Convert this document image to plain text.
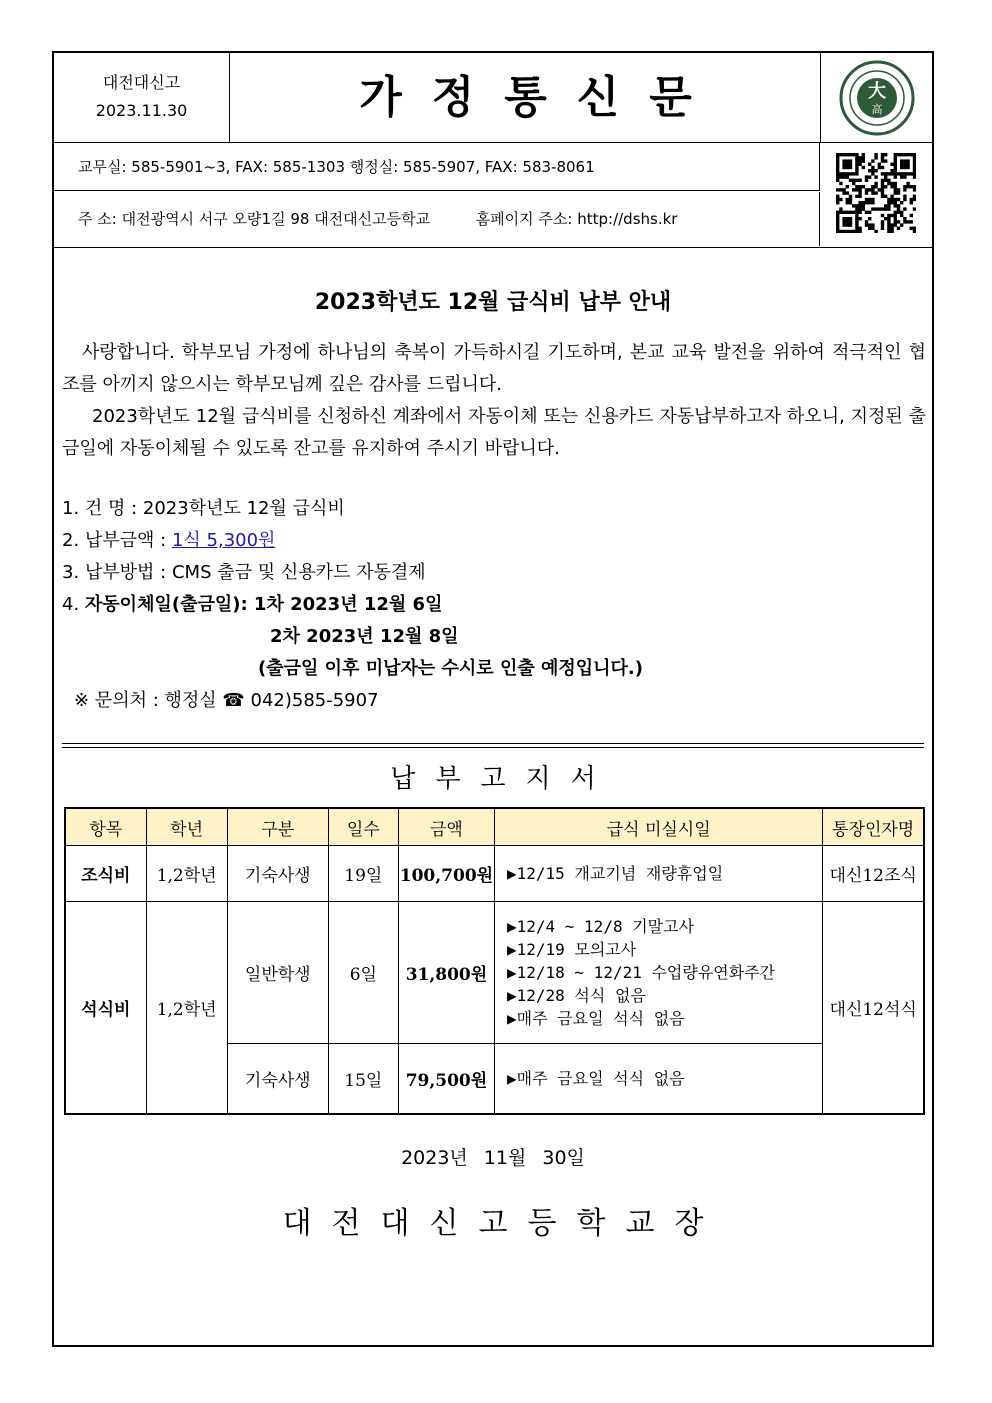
대전대신고
2023.11.30	가정통신문	大
高
교무실: 585-5901~3, FAX: 585-1303 행정실: 585-5907, FAX: 583-8061
주 소: 대전광역시 서구 오량1길 98 대전대신고등학교	홈페이지 주소: http://dshs.kr
2023학년도 12월 급식비 납부 안내
사랑합니다. 학부모님 가정에 하나님의 축복이 가득하시길 기도하며, 본교 교육 발전을 위하여 적극적인 협조를 아끼지 않으시는 학부모님께 깊은 감사를 드립니다.
2023학년도 12월 급식비를 신청하신 계좌에서 자동이체 또는 신용카드 자동납부하고자 하오니, 지정된 출금일에 자동이체될 수 있도록 잔고를 유지하여 주시기 바랍니다.
1. 건 명 : 2023학년도 12월 급식비
2. 납부금액 : 1식 5,300원
3. 납부방법 : CMS 출금 및 신용카드 자동결제
4. 자동이체일(출금일): 1차 2023년 12월 6일
2차 2023년 12월 8일
(출금일 이후 미납자는 수시로 인출 예정입니다.)
※ 문의처 : 행정실 ☎ 042)585-5907
납부고지서
항목	학년	구분	일수	금액	급식 미실시일	통장인자명
조식비	1,2학년	기숙사생	19일	100,700원	▶12/15 개교기념 재량휴업일	대신12조식
석식비	1,2학년	일반학생	6일	31,800원	▶12/4 ~ 12/8 기말고사
▶12/19 모의고사
▶12/18 ~ 12/21 수업량유연화주간
▶12/28 석식 없음
▶매주 금요일 석식 없음	대신12석식
		기숙사생	15일	79,500원	▶매주 금요일 석식 없음	
2023년 11월 30일
대전대신고등학교장
